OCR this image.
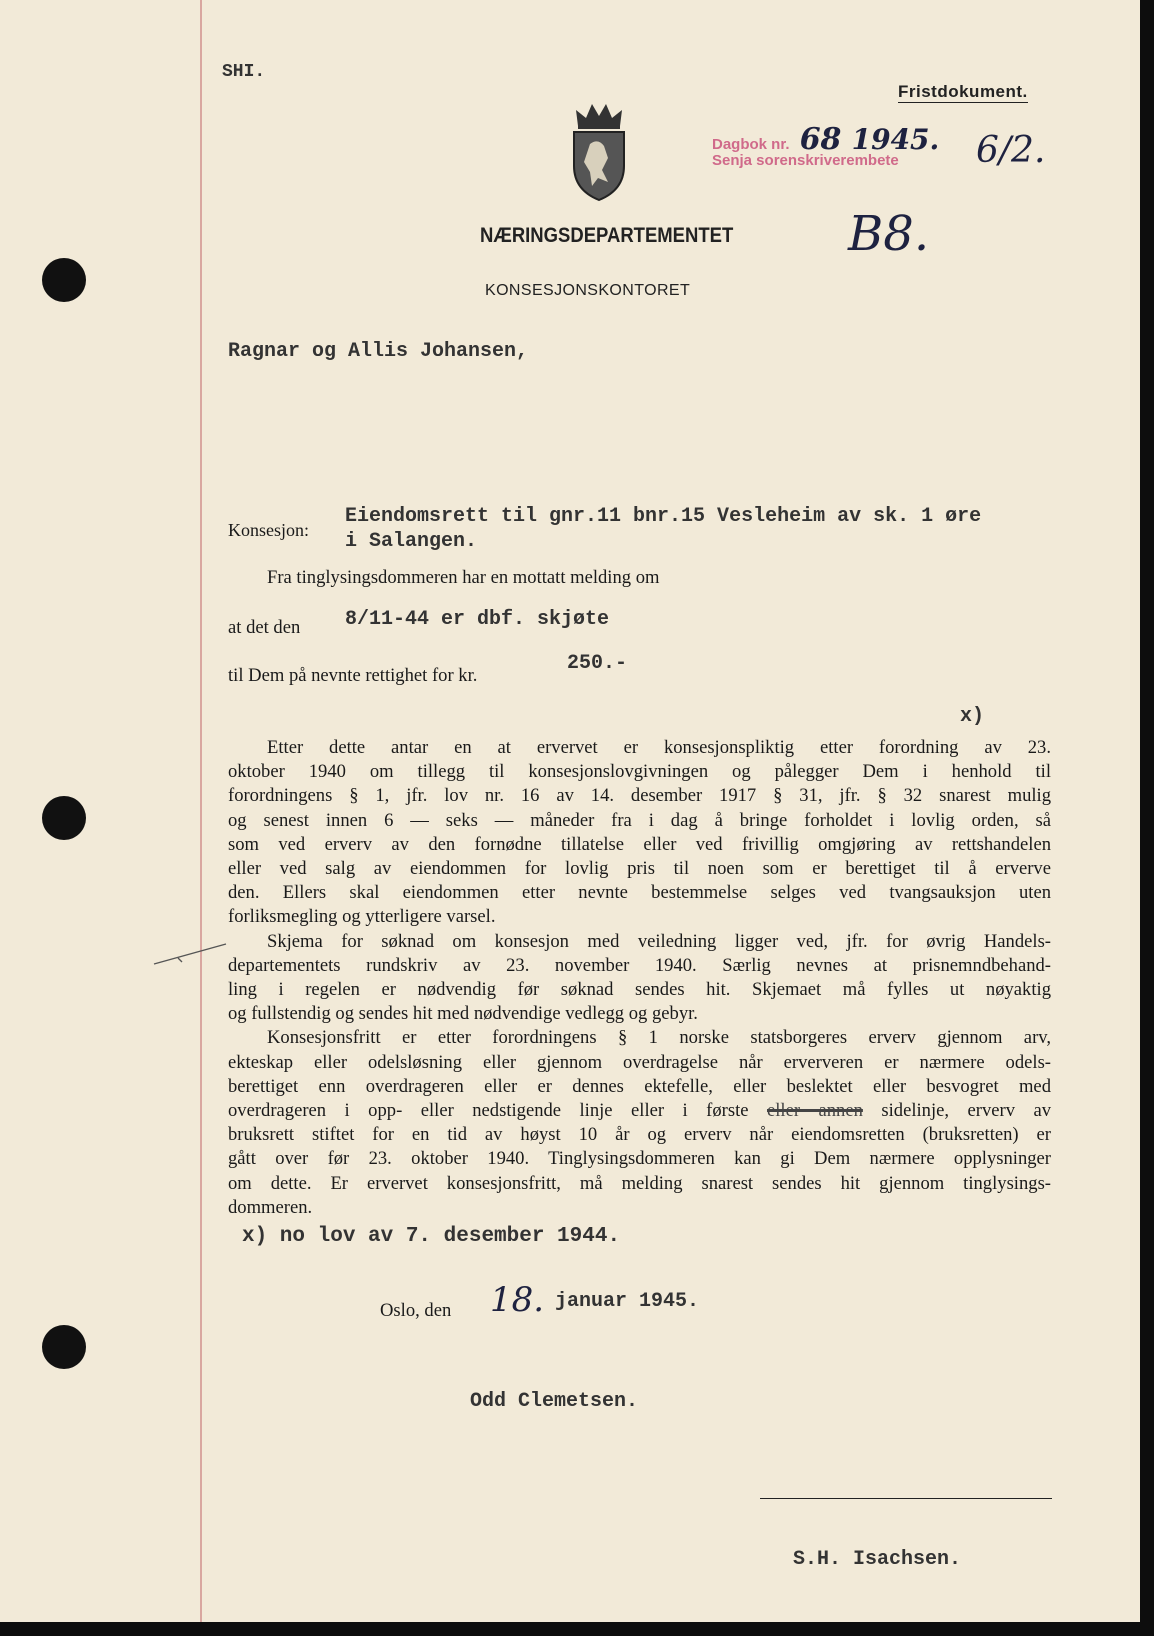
SHI.
Fristdokument.
Dagbok nr. 68 1945.
Senja sorenskriverembete 6/2.
B8.
NÆRINGSDEPARTEMENTET
KONSESJONSKONTORET
Ragnar og Allis Johansen,
Konsesjon:
Eiendomsrett til gnr.11 bnr.15 Vesleheim av sk. 1 øre
i Salangen.
Fra tinglysingsdommeren har en mottatt melding om
at det den 8/11-44 er dbf. skjøte
til Dem på nevnte rettighet for kr.
250.-
x)
Etter dette antar en at ervervet er konsesjonspliktig etter forordning av 23.
oktober 1940 om tillegg til konsesjonslovgivningen og pålegger Dem i henhold til
forordningens § 1, jfr. lov nr. 16 av 14. desember 1917 § 31, jfr. § 32 snarest mulig
og senest innen 6 — seks — måneder fra i dag å bringe forholdet i lovlig orden, så
som ved erverv av den fornødne tillatelse eller ved frivillig omgjøring av rettshandelen
eller ved salg av eiendommen for lovlig pris til noen som er berettiget til å erverve
den. Ellers skal eiendommen etter nevnte bestemmelse selges ved tvangsauksjon uten
forliksmegling og ytterligere varsel.
Skjema for søknad om konsesjon med veiledning ligger ved, jfr. for øvrig Handels-
departementets rundskriv av 23. november 1940. Særlig nevnes at prisnemndbehand-
ling i regelen er nødvendig før søknad sendes hit. Skjemaet må fylles ut nøyaktig
og fullstendig og sendes hit med nødvendige vedlegg og gebyr.
Konsesjonsfritt er etter forordningens § 1 norske statsborgeres erverv gjennom arv,
ekteskap eller odelsløsning eller gjennom overdragelse når erververen er nærmere odels-
berettiget enn overdrageren eller er dennes ektefelle, eller beslektet eller besvogret med
overdrageren i opp- eller nedstigende linje eller i første eller annen sidelinje, erverv av
bruksrett stiftet for en tid av høyst 10 år og erverv når eiendomsretten (bruksretten) er
gått over før 23. oktober 1940. Tinglysingsdommeren kan gi Dem nærmere opplysninger
om dette. Er ervervet konsesjonsfritt, må melding snarest sendes hit gjennom tinglysings-
dommeren.
x) no lov av 7. desember 1944.
Oslo, den 18. januar 1945.
Odd Clemetsen.
S.H. Isachsen.
